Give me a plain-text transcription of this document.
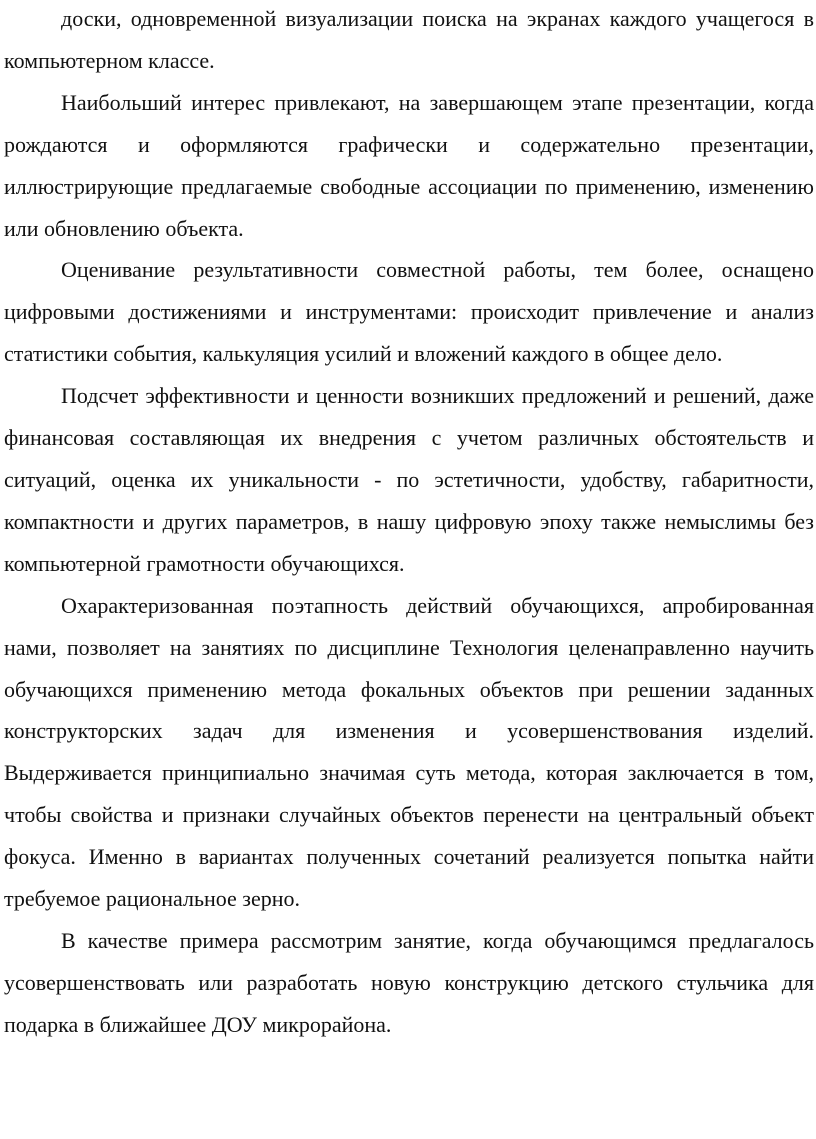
доски, одновременной визуализации поиска на экранах каждого учащегося в компьютерном классе.

Наибольший интерес привлекают, на завершающем этапе презентации, когда рождаются и оформляются графически и содержательно презентации, иллюстрирующие предлагаемые свободные ассоциации по применению, изменению или обновлению объекта.

Оценивание результативности совместной работы, тем более, оснащено цифровыми достижениями и инструментами: происходит привлечение и анализ статистики события, калькуляция усилий и вложений каждого в общее дело.

Подсчет эффективности и ценности возникших предложений и решений, даже финансовая составляющая их внедрения с учетом различных обстоятельств и ситуаций, оценка их уникальности - по эстетичности, удобству, габаритности, компактности и других параметров, в нашу цифровую эпоху также немыслимы без компьютерной грамотности обучающихся.

Охарактеризованная поэтапность действий обучающихся, апробированная нами, позволяет на занятиях по дисциплине Технология целенаправленно научить обучающихся применению метода фокальных объектов при решении заданных конструкторских задач для изменения и усовершенствования изделий. Выдерживается принципиально значимая суть метода, которая заключается в том, чтобы свойства и признаки случайных объектов перенести на центральный объект фокуса. Именно в вариантах полученных сочетаний реализуется попытка найти требуемое рациональное зерно.

В качестве примера рассмотрим занятие, когда обучающимся предлагалось усовершенствовать или разработать новую конструкцию детского стульчика для подарка в ближайшее ДОУ микрорайона.
